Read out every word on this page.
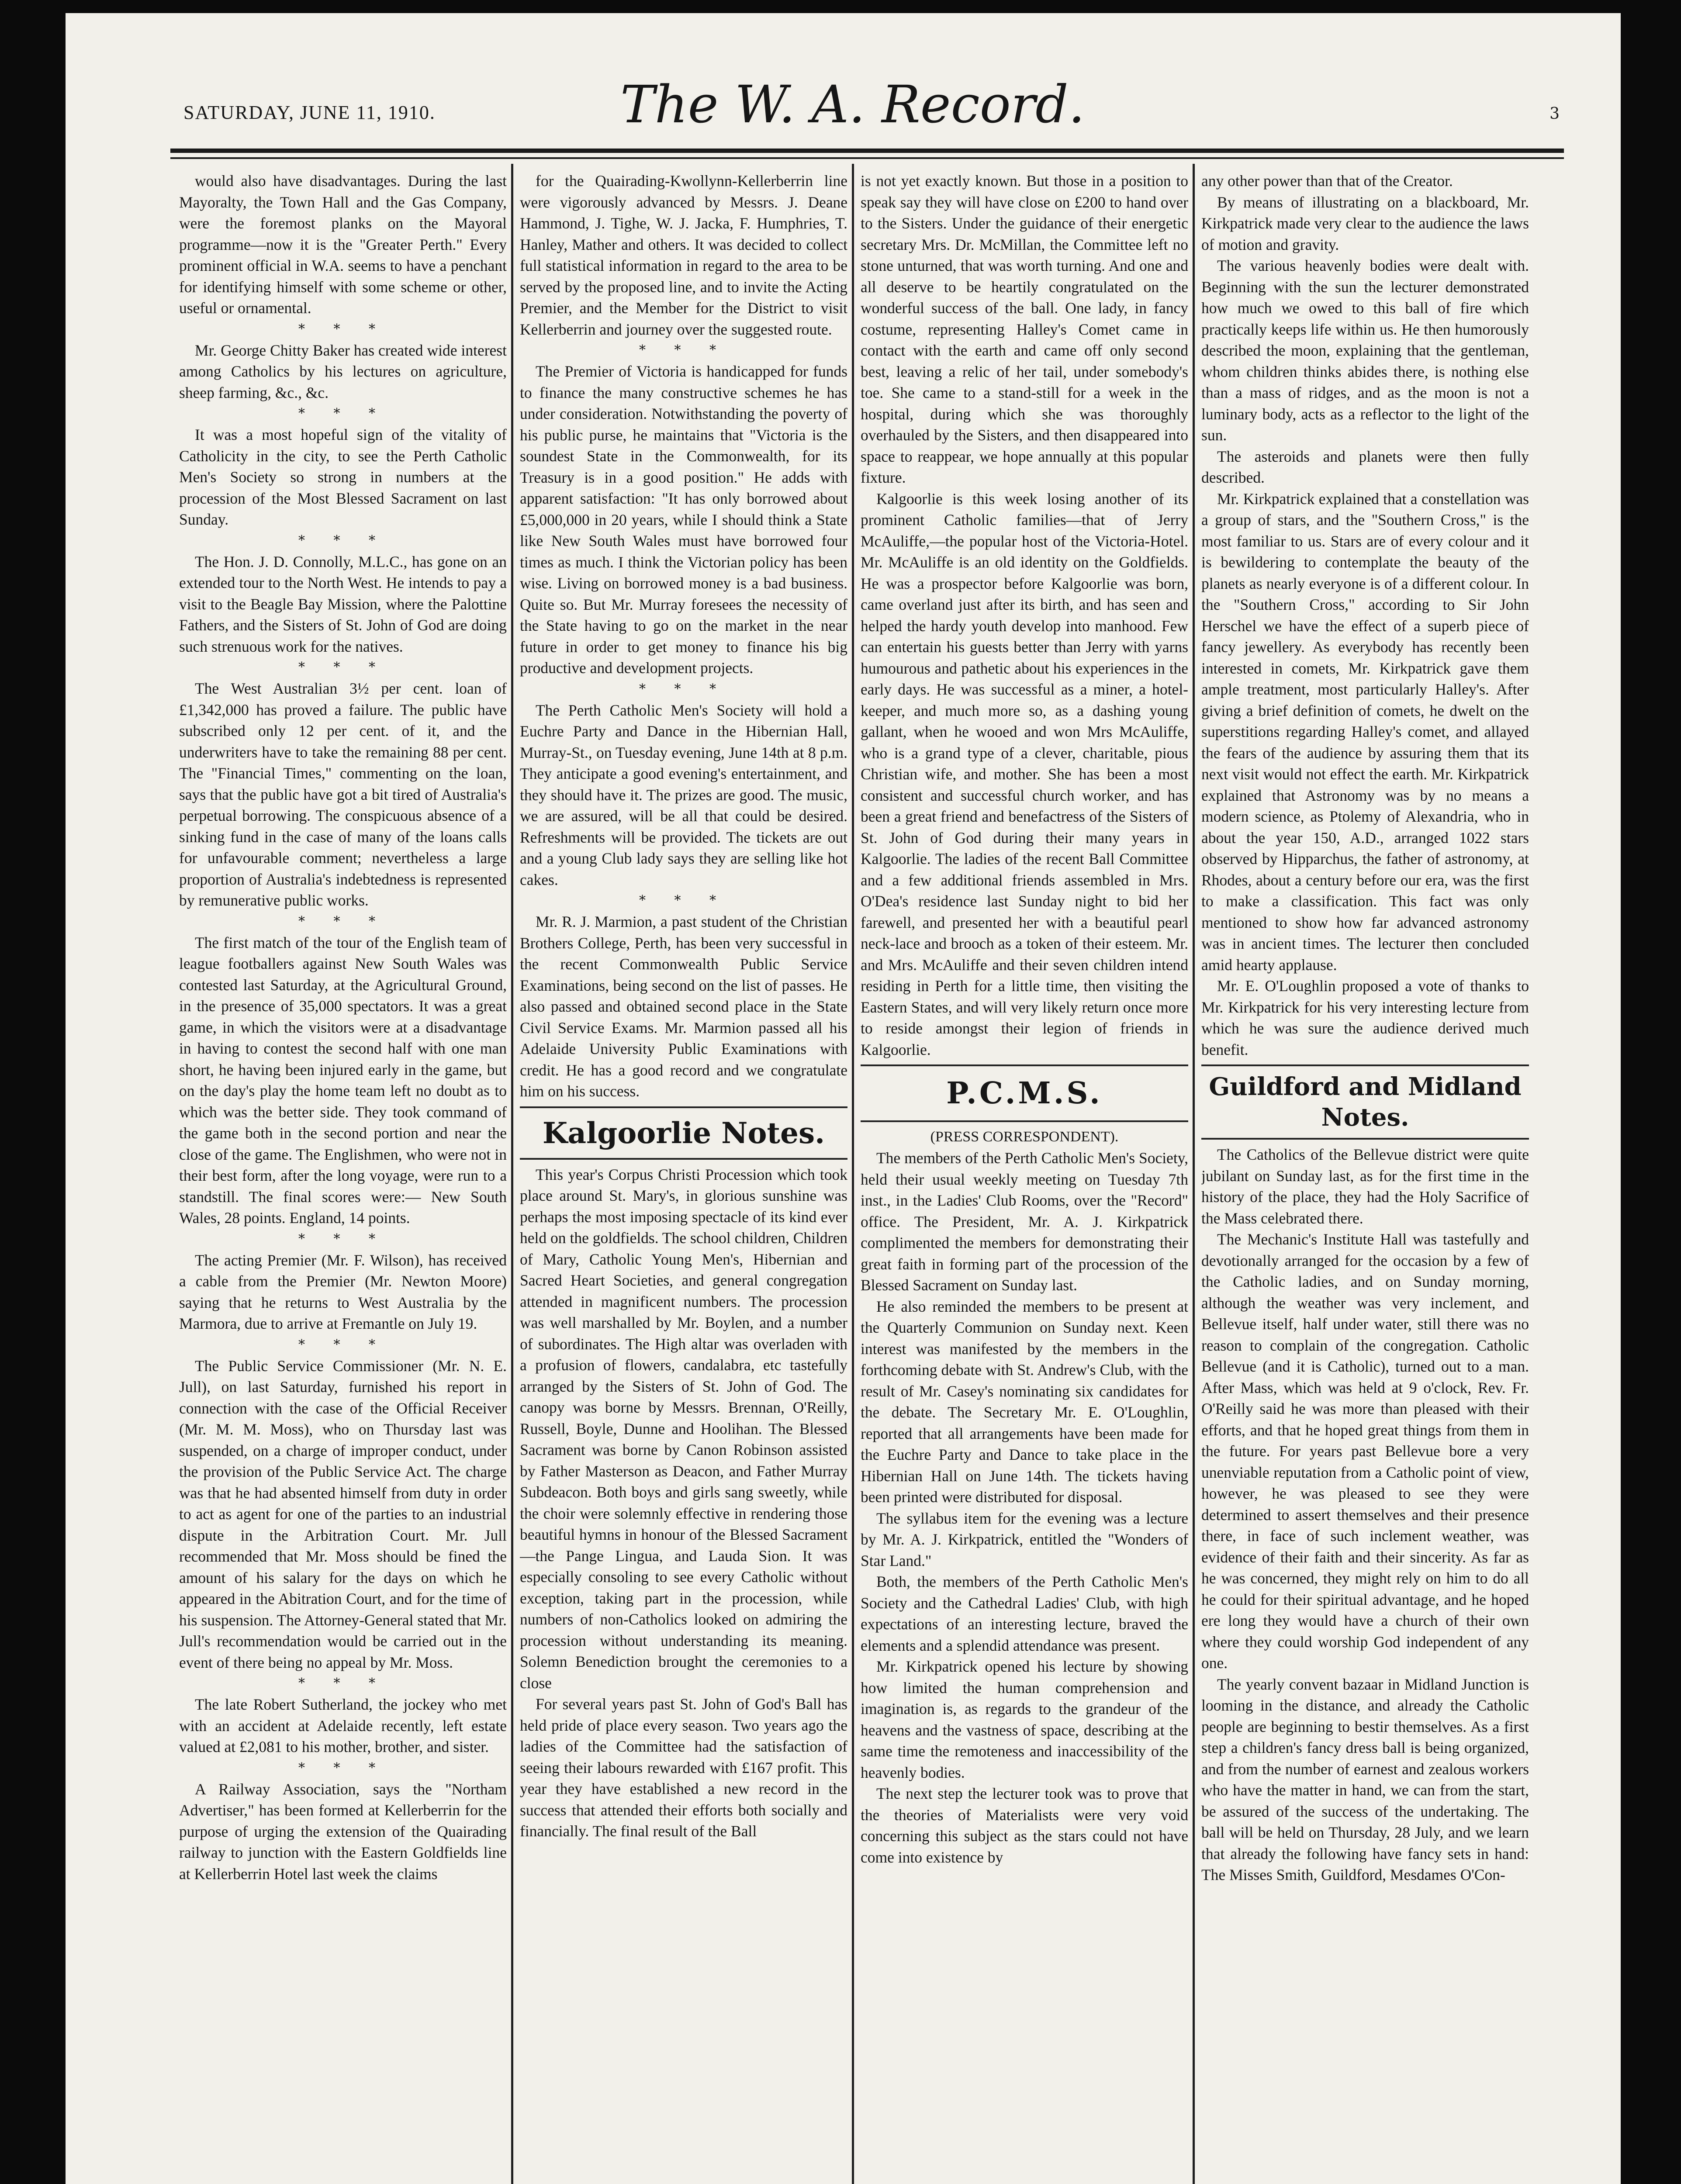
SATURDAY, JUNE 11, 1910.	The W. A. Record.	3

would also have disadvantages. During the last Mayoralty, the Town Hall and the Gas Company, were the foremost planks on the Mayoral programme—now it is the "Greater Perth." Every prominent official in W.A. seems to have a penchant for identifying himself with some scheme or other, useful or ornamental.

* * *

Mr. George Chitty Baker has created wide interest among Catholics by his lectures on agriculture, sheep farming, &c., &c.

* * *

It was a most hopeful sign of the vitality of Catholicity in the city, to see the Perth Catholic Men's Society so strong in numbers at the procession of the Most Blessed Sacrament on last Sunday.

* * *

The Hon. J. D. Connolly, M.L.C., has gone on an extended tour to the North West. He intends to pay a visit to the Beagle Bay Mission, where the Palottine Fathers, and the Sisters of St. John of God are doing such strenuous work for the natives.

* * *

The West Australian 3½ per cent. loan of £1,342,000 has proved a failure. The public have subscribed only 12 per cent. of it, and the underwriters have to take the remaining 88 per cent. The "Financial Times," commenting on the loan, says that the public have got a bit tired of Australia's perpetual borrowing. The conspicuous absence of a sinking fund in the case of many of the loans calls for unfavourable comment; nevertheless a large proportion of Australia's indebtedness is represented by remunerative public works.

* * *

The first match of the tour of the English team of league footballers against New South Wales was contested last Saturday, at the Agricultural Ground, in the presence of 35,000 spectators. It was a great game, in which the visitors were at a disadvantage in having to contest the second half with one man short, he having been injured early in the game, but on the day's play the home team left no doubt as to which was the better side. They took command of the game both in the second portion and near the close of the game. The Englishmen, who were not in their best form, after the long voyage, were run to a standstill. The final scores were:— New South Wales, 28 points. England, 14 points.

* * *

The acting Premier (Mr. F. Wilson), has received a cable from the Premier (Mr. Newton Moore) saying that he returns to West Australia by the Marmora, due to arrive at Fremantle on July 19.

* * *

The Public Service Commissioner (Mr. N. E. Jull), on last Saturday, furnished his report in connection with the case of the Official Receiver (Mr. M. M. Moss), who on Thursday last was suspended, on a charge of improper conduct, under the provision of the Public Service Act. The charge was that he had absented himself from duty in order to act as agent for one of the parties to an industrial dispute in the Arbitration Court. Mr. Jull recommended that Mr. Moss should be fined the amount of his salary for the days on which he appeared in the Abitration Court, and for the time of his suspension. The Attorney-General stated that Mr. Jull's recommendation would be carried out in the event of there being no appeal by Mr. Moss.

* * *

The late Robert Sutherland, the jockey who met with an accident at Adelaide recently, left estate valued at £2,081 to his mother, brother, and sister.

* * *

A Railway Association, says the "Northam Advertiser," has been formed at Kellerberrin for the purpose of urging the extension of the Quairading railway to junction with the Eastern Goldfields line at Kellerberrin Hotel last week the claims

for the Quairading-Kwollynn-Kellerberrin line were vigorously advanced by Messrs. J. Deane Hammond, J. Tighe, W. J. Jacka, F. Humphries, T. Hanley, Mather and others. It was decided to collect full statistical information in regard to the area to be served by the proposed line, and to invite the Acting Premier, and the Member for the District to visit Kellerberrin and journey over the suggested route.

* * *

The Premier of Victoria is handicapped for funds to finance the many constructive schemes he has under consideration. Notwithstanding the poverty of his public purse, he maintains that "Victoria is the soundest State in the Commonwealth, for its Treasury is in a good position." He adds with apparent satisfaction: "It has only borrowed about £5,000,000 in 20 years, while I should think a State like New South Wales must have borrowed four times as much. I think the Victorian policy has been wise. Living on borrowed money is a bad business. Quite so. But Mr. Murray foresees the necessity of the State having to go on the market in the near future in order to get money to finance his big productive and development projects.

* * *

The Perth Catholic Men's Society will hold a Euchre Party and Dance in the Hibernian Hall, Murray-St., on Tuesday evening, June 14th at 8 p.m. They anticipate a good evening's entertainment, and they should have it. The prizes are good. The music, we are assured, will be all that could be desired. Refreshments will be provided. The tickets are out and a young Club lady says they are selling like hot cakes.

* * *

Mr. R. J. Marmion, a past student of the Christian Brothers College, Perth, has been very successful in the recent Commonwealth Public Service Examinations, being second on the list of passes. He also passed and obtained second place in the State Civil Service Exams. Mr. Marmion passed all his Adelaide University Public Examinations with credit. He has a good record and we congratulate him on his success.

Kalgoorlie Notes.

This year's Corpus Christi Procession which took place around St. Mary's, in glorious sunshine was perhaps the most imposing spectacle of its kind ever held on the goldfields. The school children, Children of Mary, Catholic Young Men's, Hibernian and Sacred Heart Societies, and general congregation attended in magnificent numbers. The procession was well marshalled by Mr. Boylen, and a number of subordinates. The High altar was overladen with a profusion of flowers, candalabra, etc tastefully arranged by the Sisters of St. John of God. The canopy was borne by Messrs. Brennan, O'Reilly, Russell, Boyle, Dunne and Hoolihan. The Blessed Sacrament was borne by Canon Robinson assisted by Father Masterson as Deacon, and Father Murray Subdeacon. Both boys and girls sang sweetly, while the choir were solemnly effective in rendering those beautiful hymns in honour of the Blessed Sacrament—the Pange Lingua, and Lauda Sion. It was especially consoling to see every Catholic without exception, taking part in the procession, while numbers of non-Catholics looked on admiring the procession without understanding its meaning. Solemn Benediction brought the ceremonies to a close

For several years past St. John of God's Ball has held pride of place every season. Two years ago the ladies of the Committee had the satisfaction of seeing their labours rewarded with £167 profit. This year they have established a new record in the success that attended their efforts both socially and financially. The final result of the Ball

is not yet exactly known. But those in a position to speak say they will have close on £200 to hand over to the Sisters. Under the guidance of their energetic secretary Mrs. Dr. McMillan, the Committee left no stone unturned, that was worth turning. And one and all deserve to be heartily congratulated on the wonderful success of the ball. One lady, in fancy costume, representing Halley's Comet came in contact with the earth and came off only second best, leaving a relic of her tail, under somebody's toe. She came to a stand-still for a week in the hospital, during which she was thoroughly overhauled by the Sisters, and then disappeared into space to reappear, we hope annually at this popular fixture.

Kalgoorlie is this week losing another of its prominent Catholic families—that of Jerry McAuliffe,—the popular host of the Victoria-Hotel. Mr. McAuliffe is an old identity on the Goldfields. He was a prospector before Kalgoorlie was born, came overland just after its birth, and has seen and helped the hardy youth develop into manhood. Few can entertain his guests better than Jerry with yarns humourous and pathetic about his experiences in the early days. He was successful as a miner, a hotel-keeper, and much more so, as a dashing young gallant, when he wooed and won Mrs McAuliffe, who is a grand type of a clever, charitable, pious Christian wife, and mother. She has been a most consistent and successful church worker, and has been a great friend and benefactress of the Sisters of St. John of God during their many years in Kalgoorlie. The ladies of the recent Ball Committee and a few additional friends assembled in Mrs. O'Dea's residence last Sunday night to bid her farewell, and presented her with a beautiful pearl neck-lace and brooch as a token of their esteem. Mr. and Mrs. McAuliffe and their seven children intend residing in Perth for a little time, then visiting the Eastern States, and will very likely return once more to reside amongst their legion of friends in Kalgoorlie.

P.C.M.S.
(PRESS CORRESPONDENT).

The members of the Perth Catholic Men's Society, held their usual weekly meeting on Tuesday 7th inst., in the Ladies' Club Rooms, over the "Record" office. The President, Mr. A. J. Kirkpatrick complimented the members for demonstrating their great faith in forming part of the procession of the Blessed Sacrament on Sunday last.

He also reminded the members to be present at the Quarterly Communion on Sunday next. Keen interest was manifested by the members in the forthcoming debate with St. Andrew's Club, with the result of Mr. Casey's nominating six candidates for the debate. The Secretary Mr. E. O'Loughlin, reported that all arrangements have been made for the Euchre Party and Dance to take place in the Hibernian Hall on June 14th. The tickets having been printed were distributed for disposal.

The syllabus item for the evening was a lecture by Mr. A. J. Kirkpatrick, entitled the "Wonders of Star Land."

Both, the members of the Perth Catholic Men's Society and the Cathedral Ladies' Club, with high expectations of an interesting lecture, braved the elements and a splendid attendance was present.

Mr. Kirkpatrick opened his lecture by showing how limited the human comprehension and imagination is, as regards to the grandeur of the heavens and the vastness of space, describing at the same time the remoteness and inaccessibility of the heavenly bodies.

The next step the lecturer took was to prove that the theories of Materialists were very void concerning this subject as the stars could not have come into existence by

any other power than that of the Creator.

By means of illustrating on a blackboard, Mr. Kirkpatrick made very clear to the audience the laws of motion and gravity.

The various heavenly bodies were dealt with. Beginning with the sun the lecturer demonstrated how much we owed to this ball of fire which practically keeps life within us. He then humorously described the moon, explaining that the gentleman, whom children thinks abides there, is nothing else than a mass of ridges, and as the moon is not a luminary body, acts as a reflector to the light of the sun.

The asteroids and planets were then fully described.

Mr. Kirkpatrick explained that a constellation was a group of stars, and the "Southern Cross," is the most familiar to us. Stars are of every colour and it is bewildering to contemplate the beauty of the planets as nearly everyone is of a different colour. In the "Southern Cross," according to Sir John Herschel we have the effect of a superb piece of fancy jewellery. As everybody has recently been interested in comets, Mr. Kirkpatrick gave them ample treatment, most particularly Halley's. After giving a brief definition of comets, he dwelt on the superstitions regarding Halley's comet, and allayed the fears of the audience by assuring them that its next visit would not effect the earth. Mr. Kirkpatrick explained that Astronomy was by no means a modern science, as Ptolemy of Alexandria, who in about the year 150, A.D., arranged 1022 stars observed by Hipparchus, the father of astronomy, at Rhodes, about a century before our era, was the first to make a classification. This fact was only mentioned to show how far advanced astronomy was in ancient times. The lecturer then concluded amid hearty applause.

Mr. E. O'Loughlin proposed a vote of thanks to Mr. Kirkpatrick for his very interesting lecture from which he was sure the audience derived much benefit.

Guildford and Midland Notes.

The Catholics of the Bellevue district were quite jubilant on Sunday last, as for the first time in the history of the place, they had the Holy Sacrifice of the Mass celebrated there.

The Mechanic's Institute Hall was tastefully and devotionally arranged for the occasion by a few of the Catholic ladies, and on Sunday morning, although the weather was very inclement, and Bellevue itself, half under water, still there was no reason to complain of the congregation. Catholic Bellevue (and it is Catholic), turned out to a man. After Mass, which was held at 9 o'clock, Rev. Fr. O'Reilly said he was more than pleased with their efforts, and that he hoped great things from them in the future. For years past Bellevue bore a very unenviable reputation from a Catholic point of view, however, he was pleased to see they were determined to assert themselves and their presence there, in face of such inclement weather, was evidence of their faith and their sincerity. As far as he was concerned, they might rely on him to do all he could for their spiritual advantage, and he hoped ere long they would have a church of their own where they could worship God independent of any one.

The yearly convent bazaar in Midland Junction is looming in the distance, and already the Catholic people are beginning to bestir themselves. As a first step a children's fancy dress ball is being organized, and from the number of earnest and zealous workers who have the matter in hand, we can from the start, be assured of the success of the undertaking. The ball will be held on Thursday, 28 July, and we learn that already the following have fancy sets in hand: The Misses Smith, Guildford, Mesdames O'Con-
